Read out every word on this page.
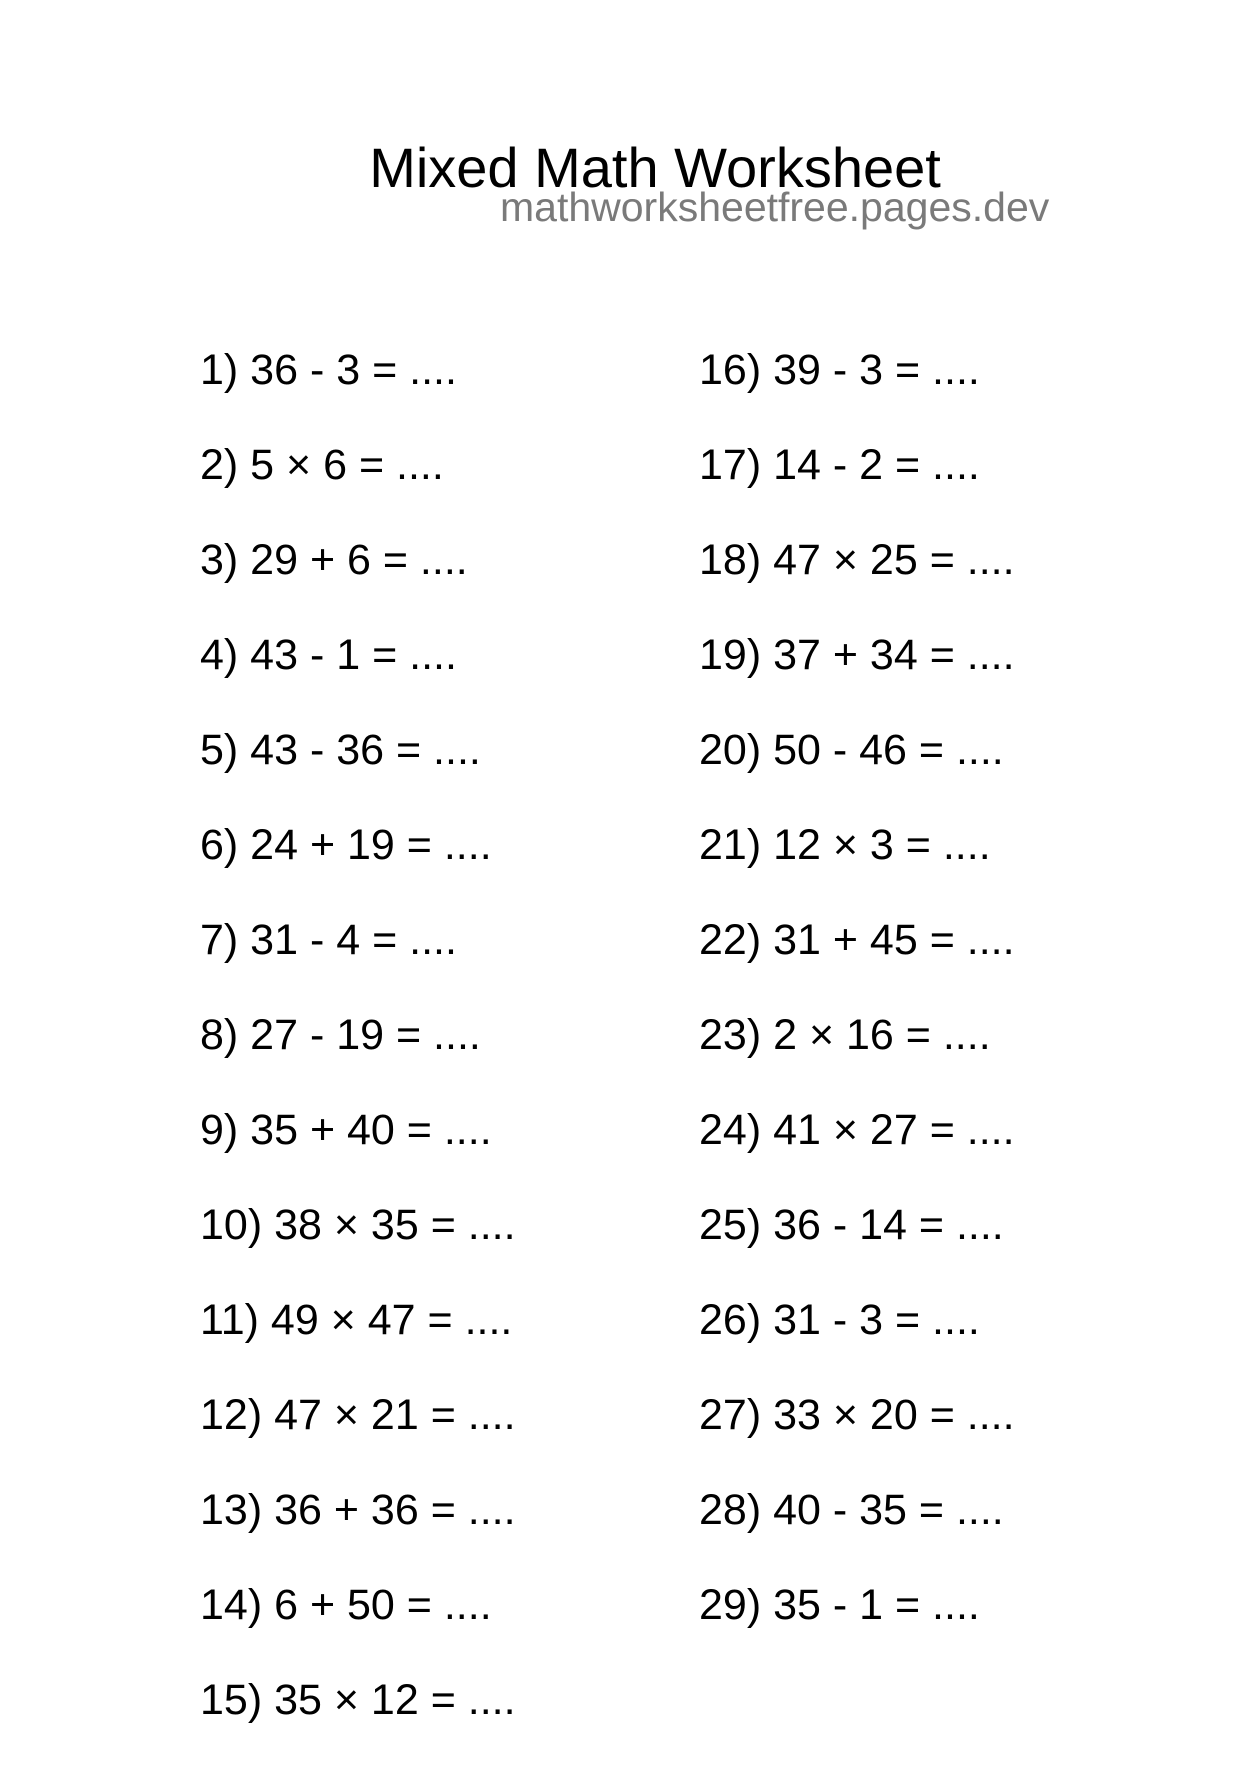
Mixed Math Worksheet
mathworksheetfree.pages.dev
1) 36 - 3 = ....
2) 5 × 6 = ....
3) 29 + 6 = ....
4) 43 - 1 = ....
5) 43 - 36 = ....
6) 24 + 19 = ....
7) 31 - 4 = ....
8) 27 - 19 = ....
9) 35 + 40 = ....
10) 38 × 35 = ....
11) 49 × 47 = ....
12) 47 × 21 = ....
13) 36 + 36 = ....
14) 6 + 50 = ....
15) 35 × 12 = ....
16) 39 - 3 = ....
17) 14 - 2 = ....
18) 47 × 25 = ....
19) 37 + 34 = ....
20) 50 - 46 = ....
21) 12 × 3 = ....
22) 31 + 45 = ....
23) 2 × 16 = ....
24) 41 × 27 = ....
25) 36 - 14 = ....
26) 31 - 3 = ....
27) 33 × 20 = ....
28) 40 - 35 = ....
29) 35 - 1 = ....
